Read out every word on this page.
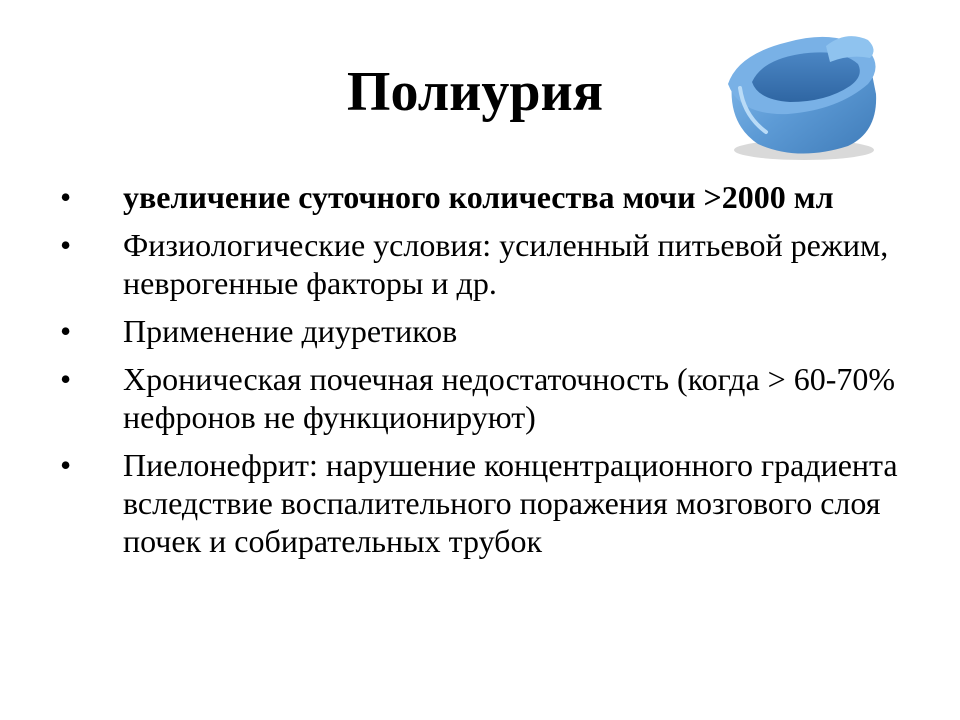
Полиурия
• увеличение суточного количества мочи >2000 мл
• Физиологические условия: усиленный питьевой режим, неврогенные факторы и др.
• Применение диуретиков
• Хроническая почечная недостаточность (когда > 60-70% нефронов не функционируют)
• Пиелонефрит: нарушение концентрационного градиента вследствие воспалительного поражения мозгового слоя почек и собирательных трубок
